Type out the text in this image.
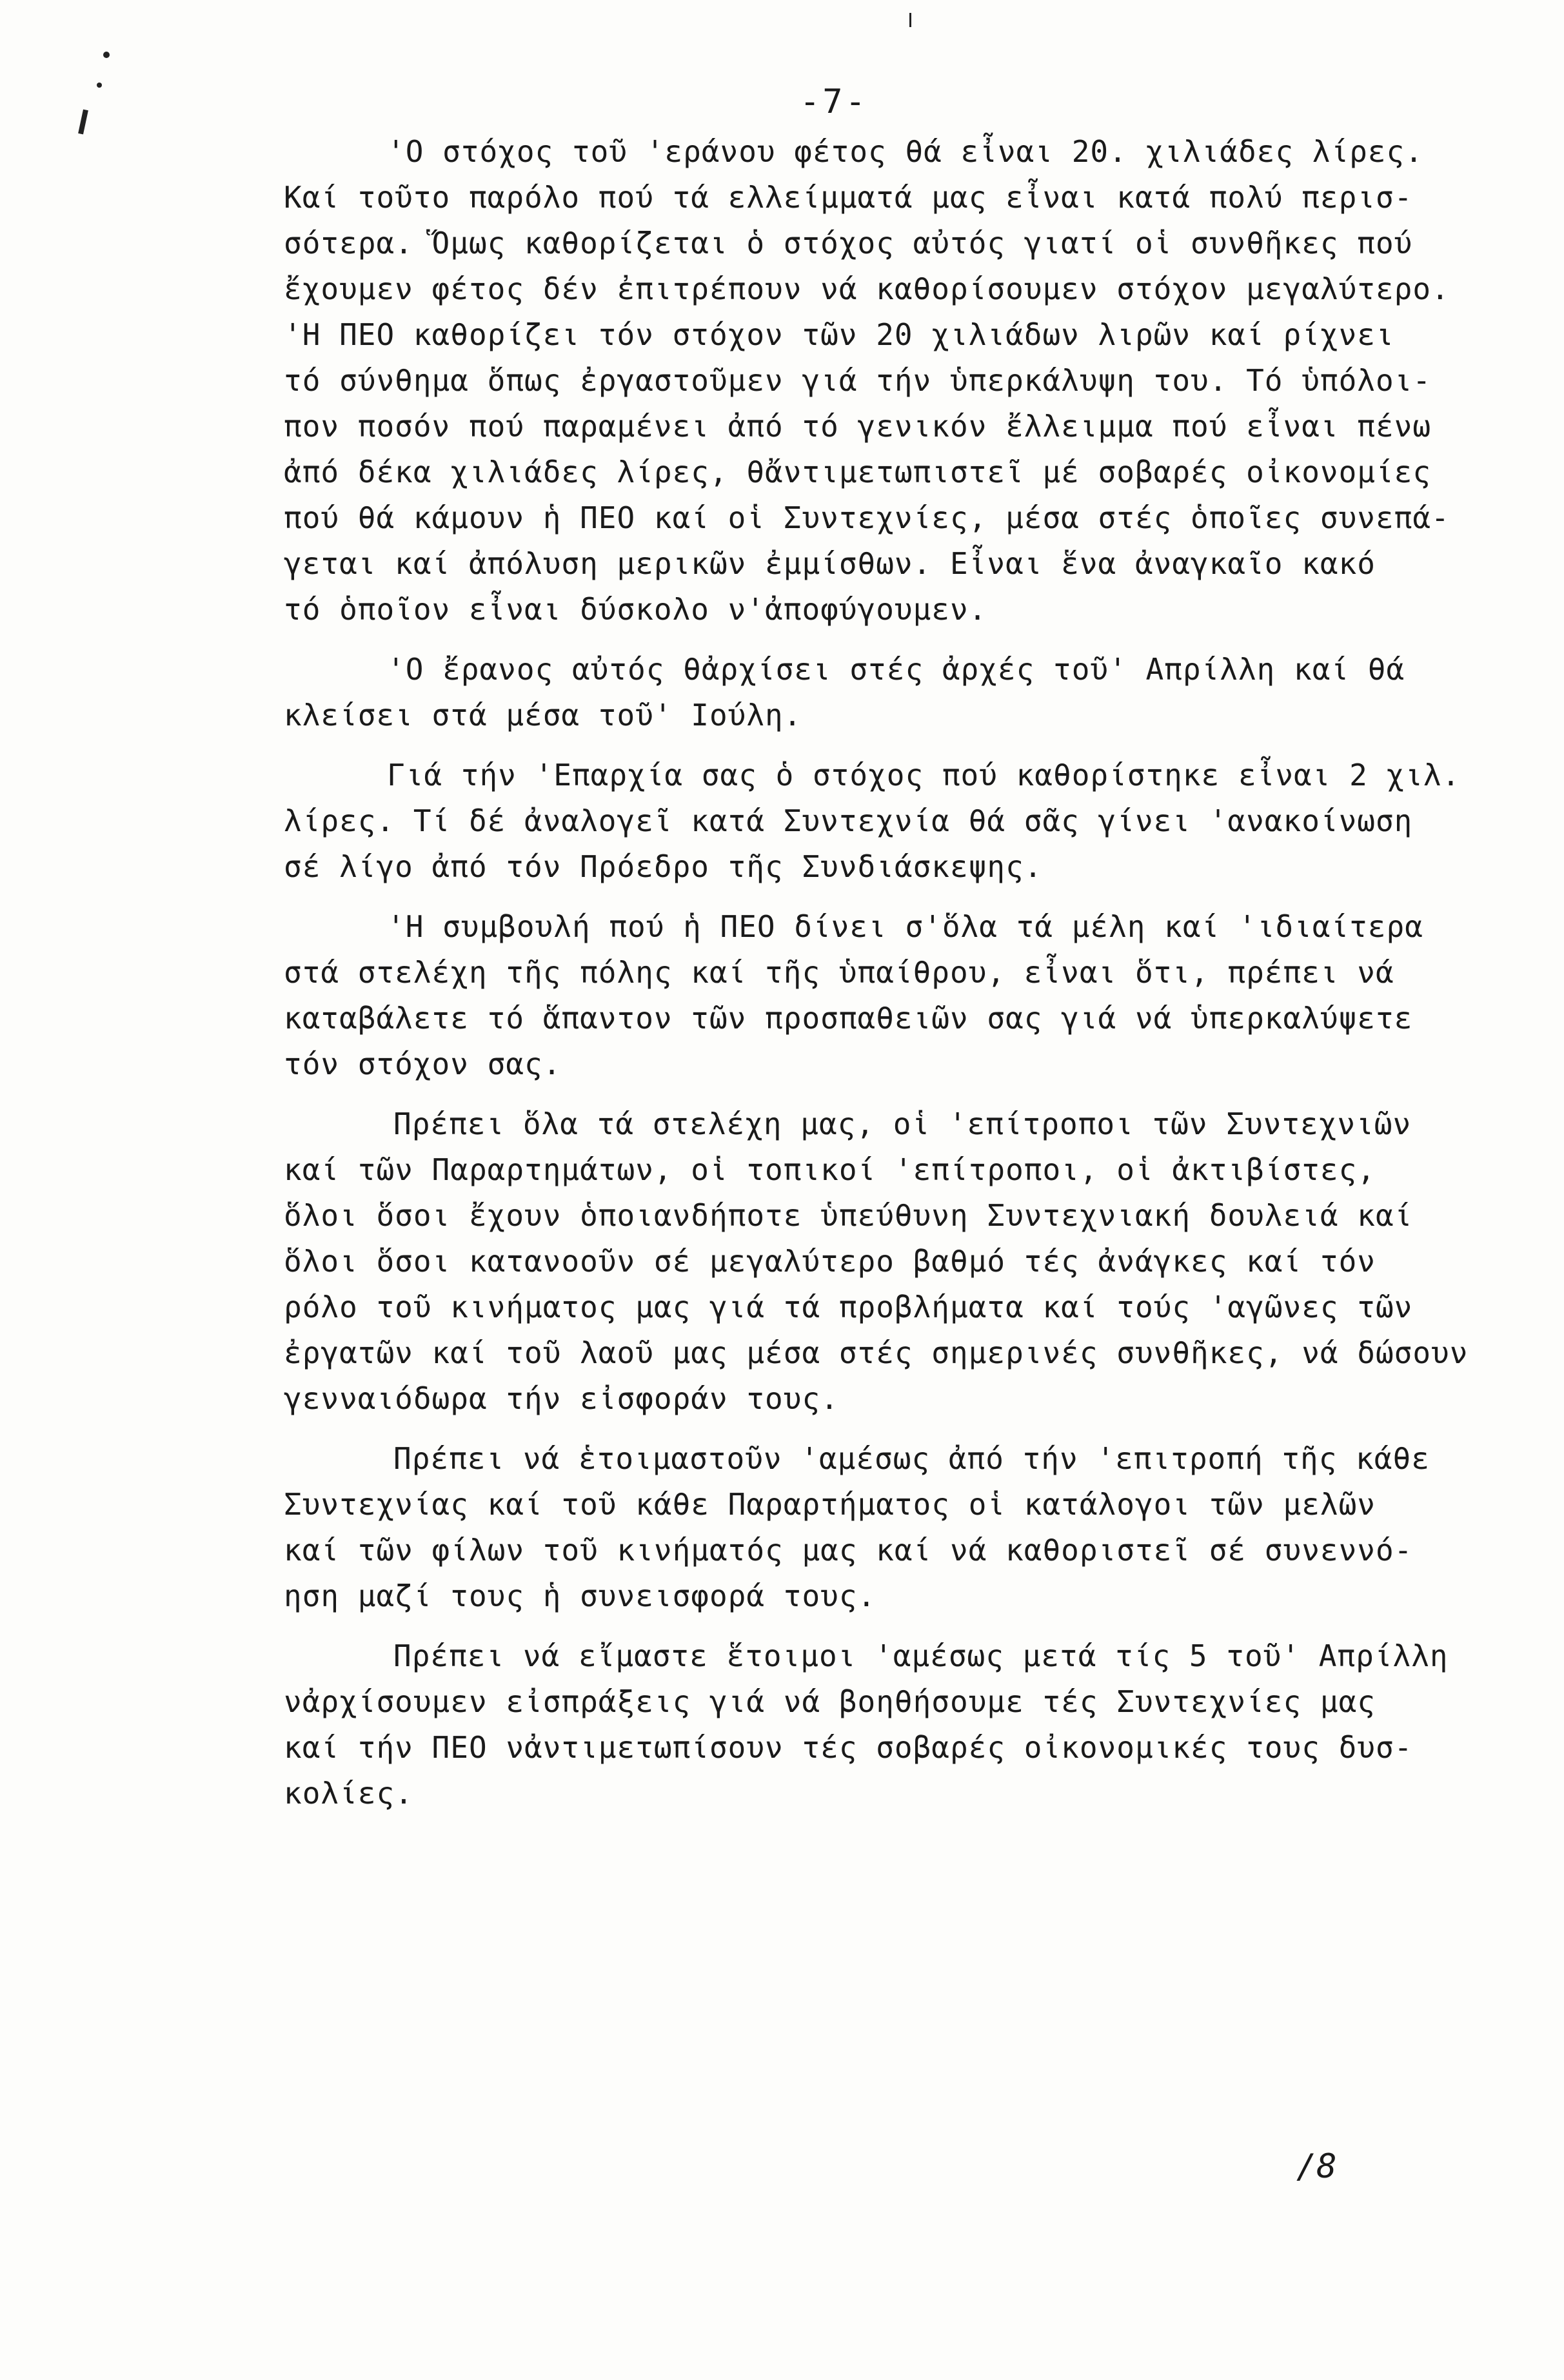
-7-
'Ο στόχος τοῦ 'εράνου φέτος θά εἶναι 20. χιλιάδες λίρες.
Καί τοῦτο παρόλο πού τά ελλείμματά μας εἶναι κατά πολύ περισ-
σότερα. Ὅμως καθορίζεται ὁ στόχος αὐτός γιατί οἱ συνθῆκες πού
ἔχουμεν φέτος δέν ἐπιτρέπουν νά καθορίσουμεν στόχον μεγαλύτερο.
'Η ΠΕΟ καθορίζει τόν στόχον τῶν 20 χιλιάδων λιρῶν καί ρίχνει
τό σύνθημα ὅπως ἐργαστοῦμεν γιά τήν ὑπερκάλυψη του. Τό ὑπόλοι-
πον ποσόν πού παραμένει ἀπό τό γενικόν ἔλλειμμα πού εἶναι πένω
ἀπό δέκα χιλιάδες λίρες, θἄντιμετωπιστεῖ μέ σοβαρές οἰκονομίες
πού θά κάμουν ἡ ΠΕΟ καί οἱ Συντεχνίες, μέσα στές ὁποῖες συνεπά-
γεται καί ἀπόλυση μερικῶν ἐμμίσθων. Εἶναι ἕνα ἀναγκαῖο κακό
τό ὁποῖον εἶναι δύσκολο ν'ἀποφύγουμεν.
'Ο ἔρανος αὐτός θἀρχίσει στές ἀρχές τοῦ' Απρίλλη καί θά
κλείσει στά μέσα τοῦ' Ιούλη.
Γιά τήν 'Επαρχία σας ὁ στόχος πού καθορίστηκε εἶναι 2 χιλ.
λίρες. Τί δέ ἀναλογεῖ κατά Συντεχνία θά σᾶς γίνει 'ανακοίνωση
σέ λίγο ἀπό τόν Πρόεδρο τῆς Συνδιάσκεψης.
'Η συμβουλή πού ἡ ΠΕΟ δίνει σ'ὅλα τά μέλη καί 'ιδιαίτερα
στά στελέχη τῆς πόλης καί τῆς ὑπαίθρου, εἶναι ὅτι, πρέπει νά
καταβάλετε τό ἅπαντον τῶν προσπαθειῶν σας γιά νά ὑπερκαλύψετε
τόν στόχον σας.
Πρέπει ὅλα τά στελέχη μας, οἱ 'επίτροποι τῶν Συντεχνιῶν
καί τῶν Παραρτημάτων, οἱ τοπικοί 'επίτροποι, οἱ ἀκτιβίστες,
ὅλοι ὅσοι ἔχουν ὁποιανδήποτε ὑπεύθυνη Συντεχνιακή δουλειά καί
ὅλοι ὅσοι κατανοοῦν σέ μεγαλύτερο βαθμό τές ἀνάγκες καί τόν
ρόλο τοῦ κινήματος μας γιά τά προβλήματα καί τούς 'αγῶνες τῶν
ἐργατῶν καί τοῦ λαοῦ μας μέσα στές σημερινές συνθῆκες, νά δώσουν
γενναιόδωρα τήν εἰσφοράν τους.
Πρέπει νά ἑτοιμαστοῦν 'αμέσως ἀπό τήν 'επιτροπή τῆς κάθε
Συντεχνίας καί τοῦ κάθε Παραρτήματος οἱ κατάλογοι τῶν μελῶν
καί τῶν φίλων τοῦ κινήματός μας καί νά καθοριστεῖ σέ συνεννό-
ηση μαζί τους ἡ συνεισφορά τους.
Πρέπει νά εἴμαστε ἕτοιμοι 'αμέσως μετά τίς 5 τοῦ' Απρίλλη
νἀρχίσουμεν εἰσπράξεις γιά νά βοηθήσουμε τές Συντεχνίες μας
καί τήν ΠΕΟ νἀντιμετωπίσουν τές σοβαρές οἰκονομικές τους δυσ-
κολίες.
/8
